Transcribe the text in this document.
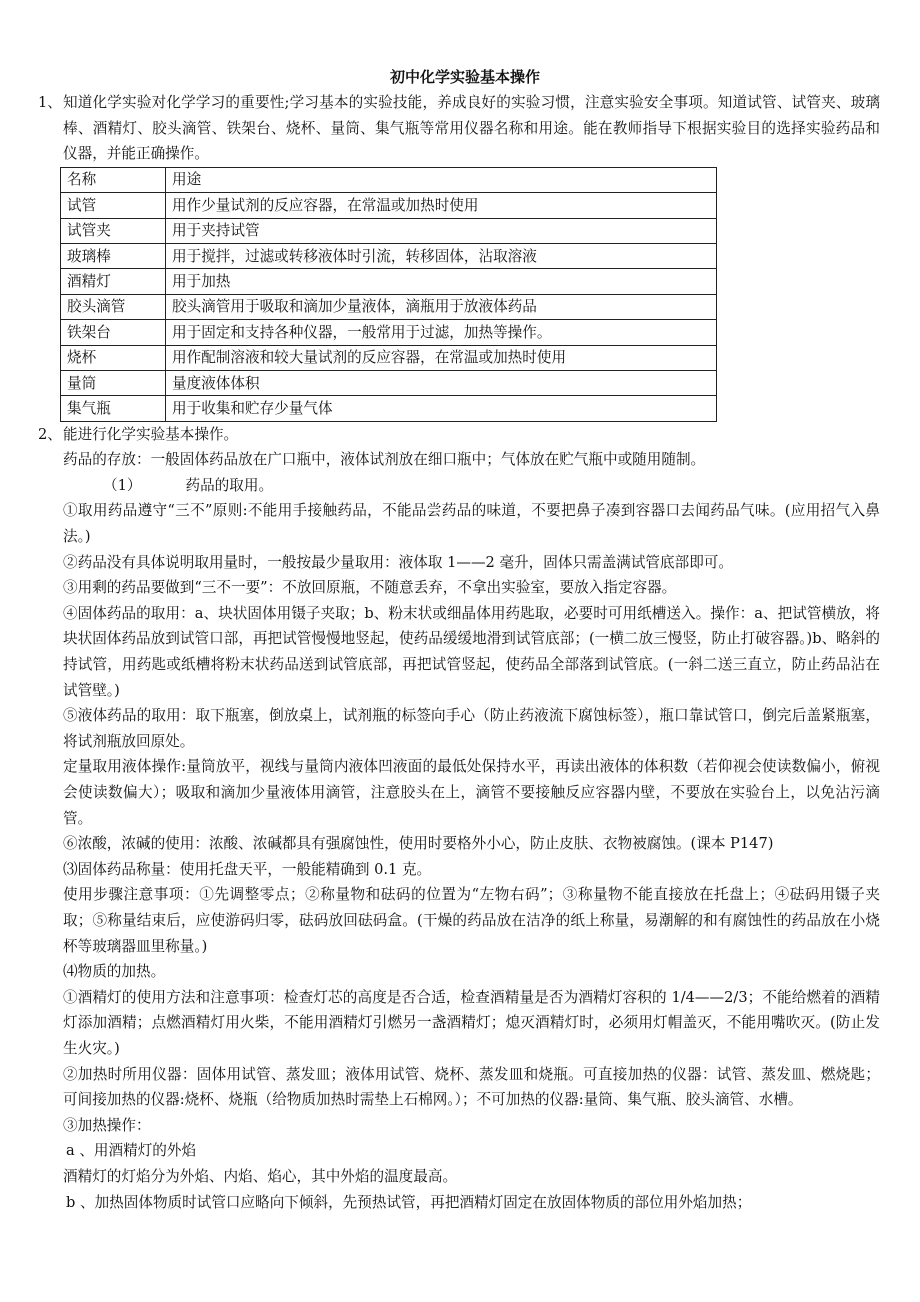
初中化学实验基本操作
1、 知道化学实验对化学学习的重要性;学习基本的实验技能，养成良好的实验习惯，注意实验安全事项。知道试管、试管夹、玻璃棒、酒精灯、胶头滴管、铁架台、烧杯、量筒、集气瓶等常用仪器名称和用途。能在教师指导下根据实验目的选择实验药品和仪器，并能正确操作。
名称	用途
试管	用作少量试剂的反应容器，在常温或加热时使用
试管夹	用于夹持试管
玻璃棒	用于搅拌，过滤或转移液体时引流，转移固体，沾取溶液
酒精灯	用于加热
胶头滴管	胶头滴管用于吸取和滴加少量液体，滴瓶用于放液体药品
铁架台	用于固定和支持各种仪器，一般常用于过滤，加热等操作。
烧杯	用作配制溶液和较大量试剂的反应容器，在常温或加热时使用
量筒	量度液体体积
集气瓶	用于收集和贮存少量气体
2、 能进行化学实验基本操作。
药品的存放：一般固体药品放在广口瓶中，液体试剂放在细口瓶中；气体放在贮气瓶中或随用随制。
（1）	药品的取用。
①取用药品遵守“三不”原则:不能用手接触药品，不能品尝药品的味道，不要把鼻子凑到容器口去闻药品气味。(应用招气入鼻法。)
②药品没有具体说明取用量时，一般按最少量取用：液体取 1——2 毫升，固体只需盖满试管底部即可。
③用剩的药品要做到“三不一要”：不放回原瓶，不随意丢弃，不拿出实验室，要放入指定容器。
④固体药品的取用：a、块状固体用镊子夹取；b、粉末状或细晶体用药匙取，必要时可用纸槽送入。操作：a、把试管横放，将块状固体药品放到试管口部，再把试管慢慢地竖起，使药品缓缓地滑到试管底部；(一横二放三慢竖，防止打破容器。)b、略斜的持试管，用药匙或纸槽将粉末状药品送到试管底部，再把试管竖起，使药品全部落到试管底。(一斜二送三直立，防止药品沾在试管壁。)
⑤液体药品的取用：取下瓶塞，倒放桌上，试剂瓶的标签向手心（防止药液流下腐蚀标签），瓶口靠试管口，倒完后盖紧瓶塞，将试剂瓶放回原处。
定量取用液体操作:量筒放平，视线与量筒内液体凹液面的最低处保持水平，再读出液体的体积数（若仰视会使读数偏小，俯视会使读数偏大）；吸取和滴加少量液体用滴管，注意胶头在上，滴管不要接触反应容器内壁，不要放在实验台上，以免沾污滴管。
⑥浓酸，浓碱的使用：浓酸、浓碱都具有强腐蚀性，使用时要格外小心，防止皮肤、衣物被腐蚀。(课本 P147)
⑶固体药品称量：使用托盘天平，一般能精确到 0.1 克。
使用步骤注意事项：①先调整零点；②称量物和砝码的位置为“左物右码”；③称量物不能直接放在托盘上；④砝码用镊子夹取；⑤称量结束后，应使游码归零，砝码放回砝码盒。(干燥的药品放在洁净的纸上称量，易潮解的和有腐蚀性的药品放在小烧杯等玻璃器皿里称量。)
⑷物质的加热。
①酒精灯的使用方法和注意事项：检查灯芯的高度是否合适，检查酒精量是否为酒精灯容积的 1/4——2/3；不能给燃着的酒精灯添加酒精；点燃酒精灯用火柴，不能用酒精灯引燃另一盏酒精灯；熄灭酒精灯时，必须用灯帽盖灭，不能用嘴吹灭。(防止发生火灾。)
②加热时所用仪器：固体用试管、蒸发皿；液体用试管、烧杯、蒸发皿和烧瓶。可直接加热的仪器：试管、蒸发皿、燃烧匙；可间接加热的仪器:烧杯、烧瓶（给物质加热时需垫上石棉网。）；不可加热的仪器:量筒、集气瓶、胶头滴管、水槽。
③加热操作：
a 、用酒精灯的外焰
酒精灯的灯焰分为外焰、内焰、焰心，其中外焰的温度最高。
b 、加热固体物质时试管口应略向下倾斜，先预热试管，再把酒精灯固定在放固体物质的部位用外焰加热；
